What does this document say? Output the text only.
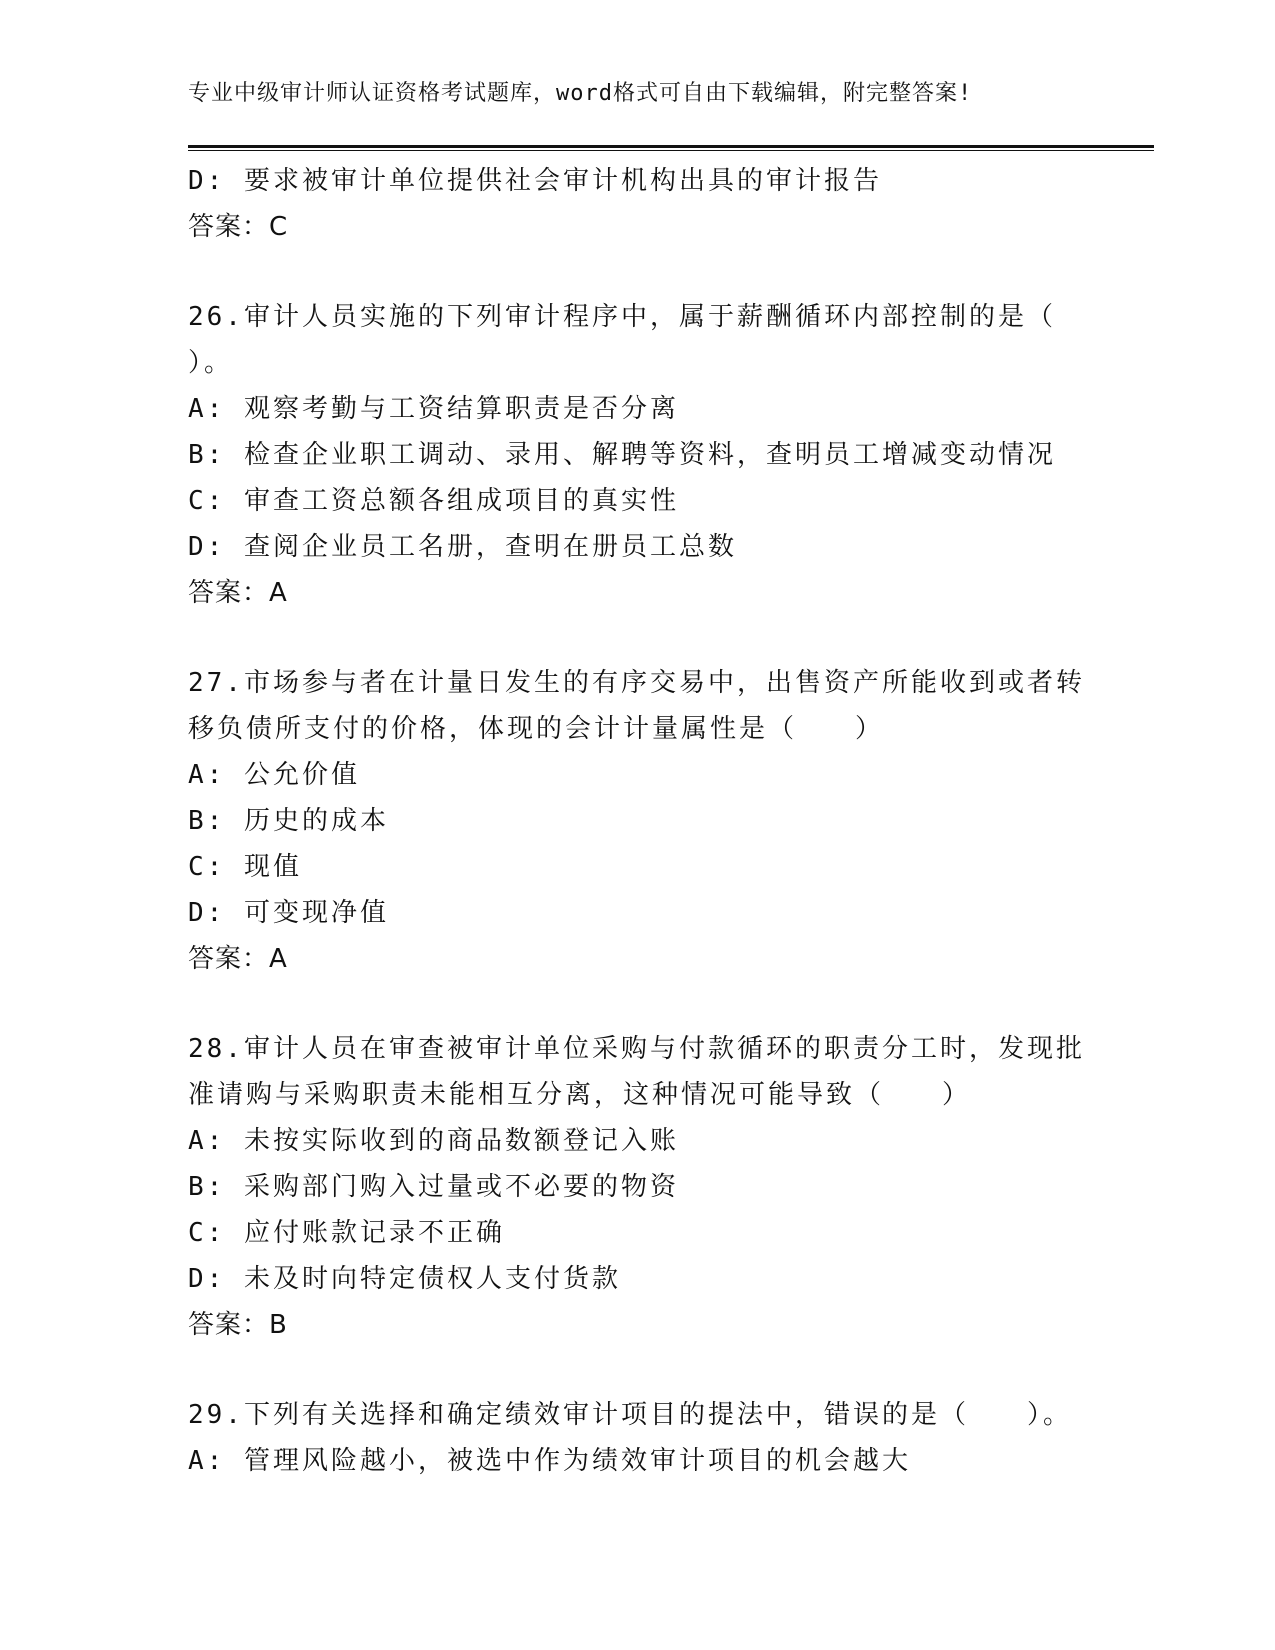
专业中级审计师认证资格考试题库，word格式可自由下载编辑，附完整答案!
D: 要求被审计单位提供社会审计机构出具的审计报告
答案：C
26.审计人员实施的下列审计程序中，属于薪酬循环内部控制的是（
）。
A: 观察考勤与工资结算职责是否分离
B: 检查企业职工调动、录用、解聘等资料，查明员工增减变动情况
C: 审查工资总额各组成项目的真实性
D: 查阅企业员工名册，查明在册员工总数
答案：A
27.市场参与者在计量日发生的有序交易中，出售资产所能收到或者转
移负债所支付的价格，体现的会计计量属性是（　　）
A: 公允价值
B: 历史的成本
C: 现值
D: 可变现净值
答案：A
28.审计人员在审查被审计单位采购与付款循环的职责分工时，发现批
准请购与采购职责未能相互分离，这种情况可能导致（　　）
A: 未按实际收到的商品数额登记入账
B: 采购部门购入过量或不必要的物资
C: 应付账款记录不正确
D: 未及时向特定债权人支付货款
答案：B
29.下列有关选择和确定绩效审计项目的提法中，错误的是（　　）。
A: 管理风险越小，被选中作为绩效审计项目的机会越大
